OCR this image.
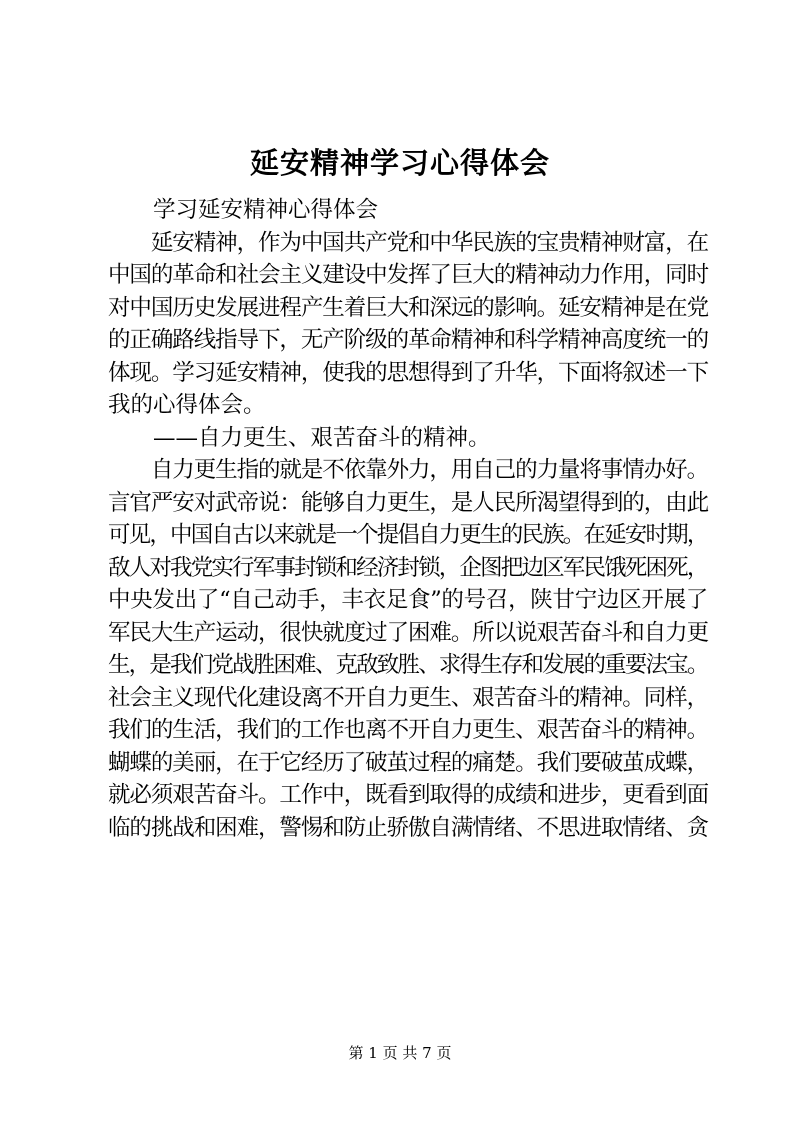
延安精神学习心得体会
　　学习延安精神心得体会
　　延安精神，作为中国共产党和中华民族的宝贵精神财富，在
中国的革命和社会主义建设中发挥了巨大的精神动力作用，同时
对中国历史发展进程产生着巨大和深远的影响。延安精神是在党
的正确路线指导下，无产阶级的革命精神和科学精神高度统一的
体现。学习延安精神，使我的思想得到了升华，下面将叙述一下
我的心得体会。
　　——自力更生、艰苦奋斗的精神。
　　自力更生指的就是不依靠外力，用自己的力量将事情办好。
言官严安对武帝说：能够自力更生，是人民所渴望得到的，由此
可见，中国自古以来就是一个提倡自力更生的民族。在延安时期，
敌人对我党实行军事封锁和经济封锁，企图把边区军民饿死困死，
中央发出了“自己动手，丰衣足食”的号召，陕甘宁边区开展了
军民大生产运动，很快就度过了困难。所以说艰苦奋斗和自力更
生，是我们党战胜困难、克敌致胜、求得生存和发展的重要法宝。
社会主义现代化建设离不开自力更生、艰苦奋斗的精神。同样，
我们的生活，我们的工作也离不开自力更生、艰苦奋斗的精神。
蝴蝶的美丽，在于它经历了破茧过程的痛楚。我们要破茧成蝶，
就必须艰苦奋斗。工作中，既看到取得的成绩和进步，更看到面
临的挑战和困难，警惕和防止骄傲自满情绪、不思进取情绪、贪
第 1 页 共 7 页
